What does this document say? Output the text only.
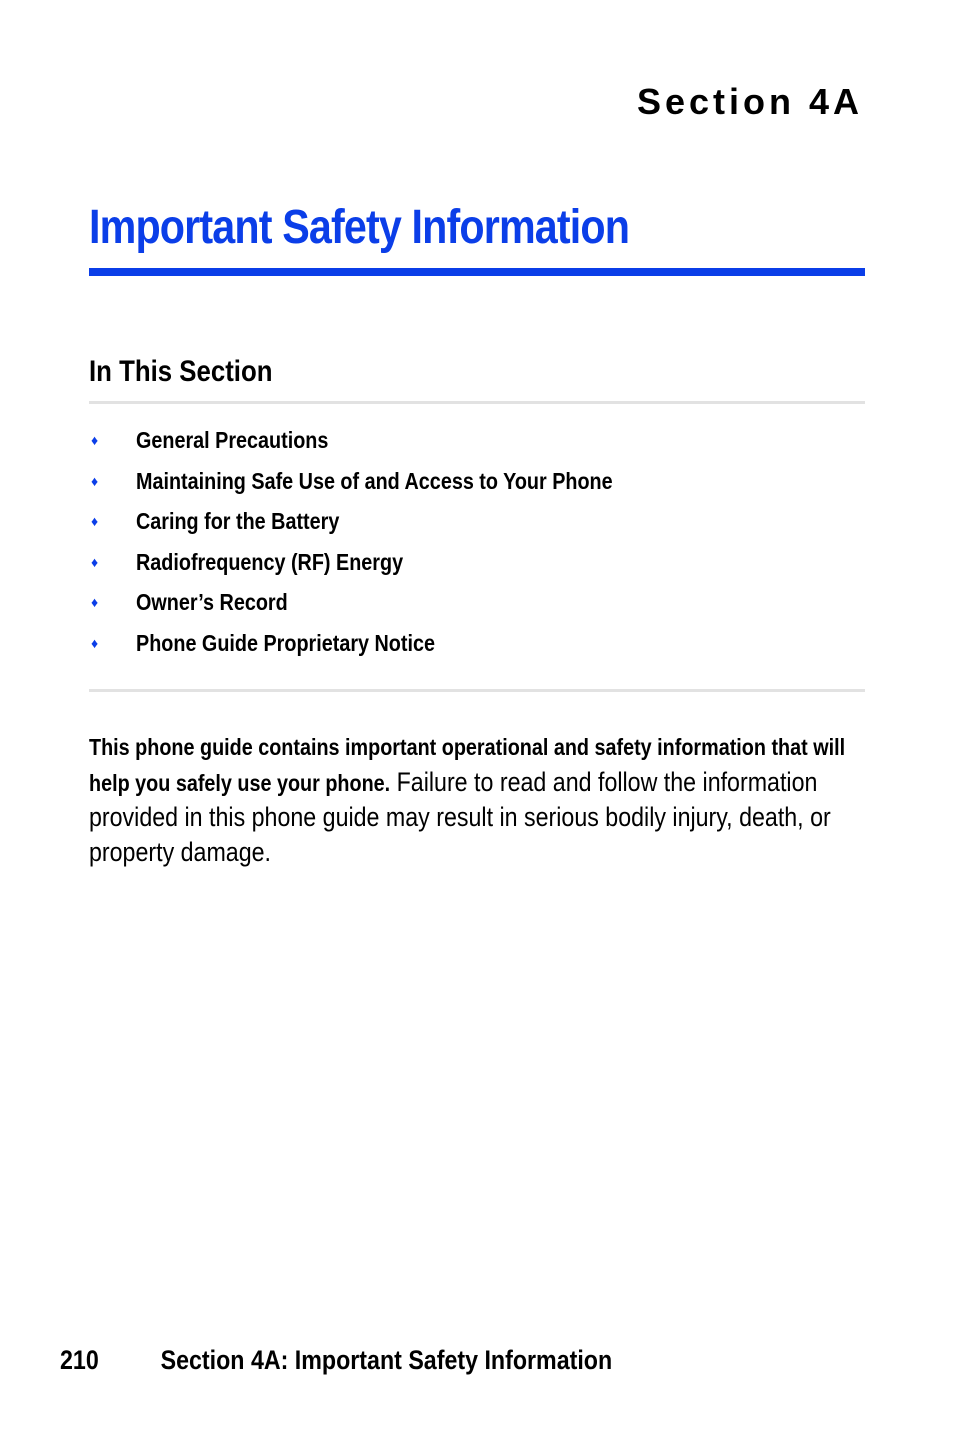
Section 4A
Important Safety Information
In This Section
♦	General Precautions
♦	Maintaining Safe Use of and Access to Your Phone
♦	Caring for the Battery
♦	Radiofrequency (RF) Energy
♦	Owner’s Record
♦	Phone Guide Proprietary Notice

This phone guide contains important operational and safety information that will help you safely use your phone. Failure to read and follow the information provided in this phone guide may result in serious bodily injury, death, or property damage.

210 Section 4A: Important Safety Information
